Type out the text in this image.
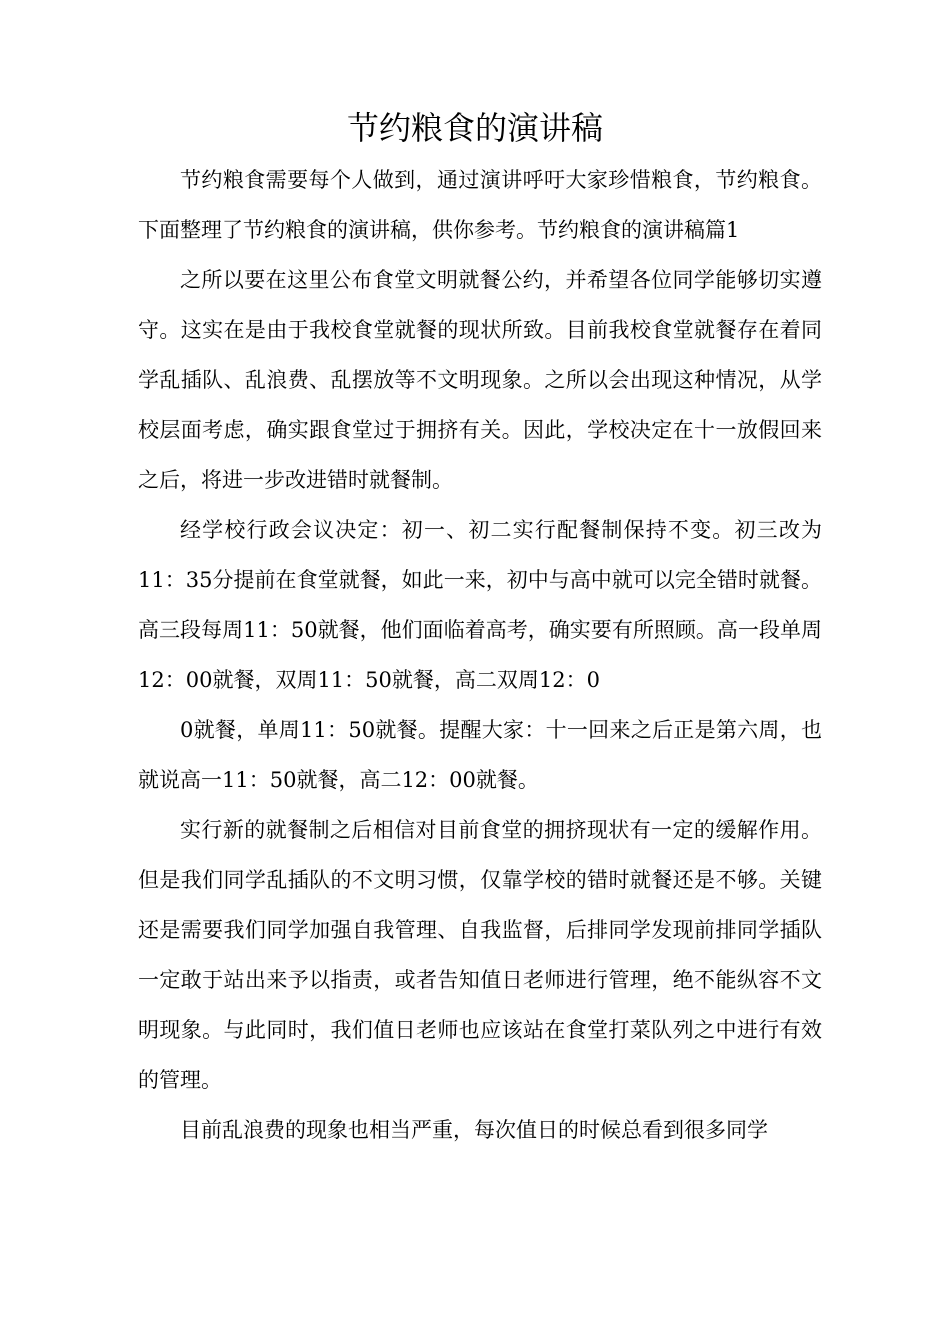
节约粮食的演讲稿

节约粮食需要每个人做到，通过演讲呼吁大家珍惜粮食，节约粮食。下面整理了节约粮食的演讲稿，供你参考。节约粮食的演讲稿篇1

之所以要在这里公布食堂文明就餐公约，并希望各位同学能够切实遵守。这实在是由于我校食堂就餐的现状所致。目前我校食堂就餐存在着同学乱插队、乱浪费、乱摆放等不文明现象。之所以会出现这种情况，从学校层面考虑，确实跟食堂过于拥挤有关。因此，学校决定在十一放假回来之后，将进一步改进错时就餐制。

经学校行政会议决定：初一、初二实行配餐制保持不变。初三改为11：35分提前在食堂就餐，如此一来，初中与高中就可以完全错时就餐。高三段每周11：50就餐，他们面临着高考，确实要有所照顾。高一段单周12：00就餐，双周11：50就餐，高二双周12：0

0就餐，单周11：50就餐。提醒大家：十一回来之后正是第六周，也就说高一11：50就餐，高二12：00就餐。

实行新的就餐制之后相信对目前食堂的拥挤现状有一定的缓解作用。但是我们同学乱插队的不文明习惯，仅靠学校的错时就餐还是不够。关键还是需要我们同学加强自我管理、自我监督，后排同学发现前排同学插队一定敢于站出来予以指责，或者告知值日老师进行管理，绝不能纵容不文明现象。与此同时，我们值日老师也应该站在食堂打菜队列之中进行有效的管理。

目前乱浪费的现象也相当严重，每次值日的时候总看到很多同学
